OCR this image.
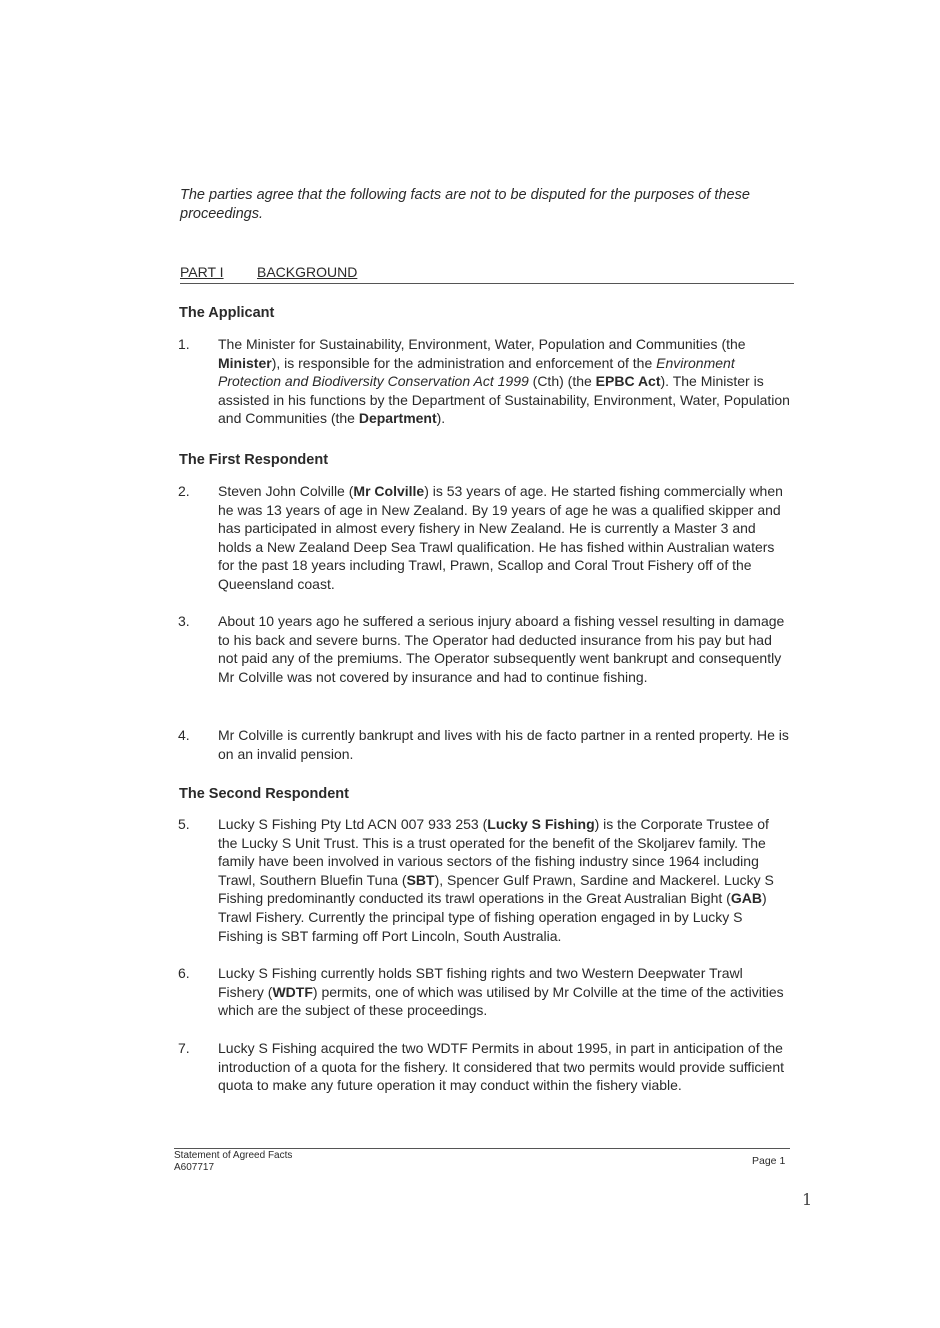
The parties agree that the following facts are not to be disputed for the purposes of these proceedings.
PART I BACKGROUND
The Applicant
1. The Minister for Sustainability, Environment, Water, Population and Communities (the Minister), is responsible for the administration and enforcement of the Environment Protection and Biodiversity Conservation Act 1999 (Cth) (the EPBC Act). The Minister is assisted in his functions by the Department of Sustainability, Environment, Water, Population and Communities (the Department).
The First Respondent
2. Steven John Colville (Mr Colville) is 53 years of age. He started fishing commercially when he was 13 years of age in New Zealand. By 19 years of age he was a qualified skipper and has participated in almost every fishery in New Zealand. He is currently a Master 3 and holds a New Zealand Deep Sea Trawl qualification. He has fished within Australian waters for the past 18 years including Trawl, Prawn, Scallop and Coral Trout Fishery off of the Queensland coast.
3. About 10 years ago he suffered a serious injury aboard a fishing vessel resulting in damage to his back and severe burns. The Operator had deducted insurance from his pay but had not paid any of the premiums. The Operator subsequently went bankrupt and consequently Mr Colville was not covered by insurance and had to continue fishing.
4. Mr Colville is currently bankrupt and lives with his de facto partner in a rented property. He is on an invalid pension.
The Second Respondent
5. Lucky S Fishing Pty Ltd ACN 007 933 253 (Lucky S Fishing) is the Corporate Trustee of the Lucky S Unit Trust. This is a trust operated for the benefit of the Skoljarev family. The family have been involved in various sectors of the fishing industry since 1964 including Trawl, Southern Bluefin Tuna (SBT), Spencer Gulf Prawn, Sardine and Mackerel. Lucky S Fishing predominantly conducted its trawl operations in the Great Australian Bight (GAB) Trawl Fishery. Currently the principal type of fishing operation engaged in by Lucky S Fishing is SBT farming off Port Lincoln, South Australia.
6. Lucky S Fishing currently holds SBT fishing rights and two Western Deepwater Trawl Fishery (WDTF) permits, one of which was utilised by Mr Colville at the time of the activities which are the subject of these proceedings.
7. Lucky S Fishing acquired the two WDTF Permits in about 1995, in part in anticipation of the introduction of a quota for the fishery. It considered that two permits would provide sufficient quota to make any future operation it may conduct within the fishery viable.
Statement of Agreed Facts
A607717
Page 1
1
